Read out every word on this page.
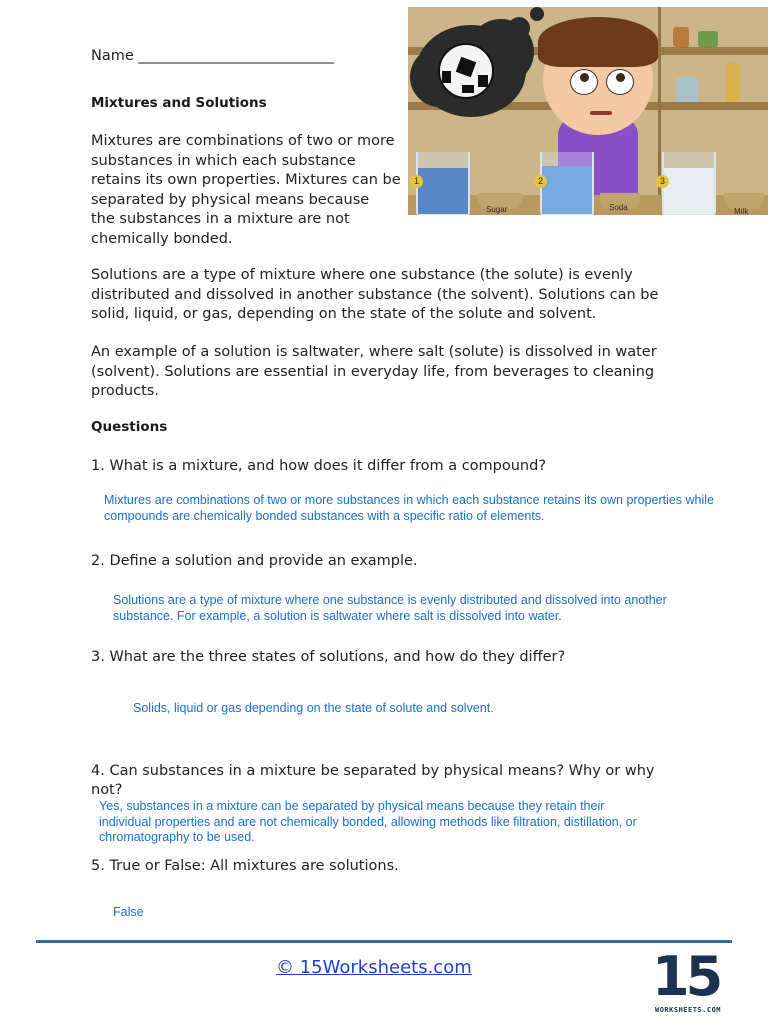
Name ___________________________
Mixtures and Solutions
Mixtures are combinations of two or more
substances in which each substance
retains its own properties. Mixtures can be
separated by physical means because
the substances in a mixture are not
chemically bonded.
1	2	3
Sugar	Soda	Milk
Solutions are a type of mixture where one substance (the solute) is evenly
distributed and dissolved in another substance (the solvent). Solutions can be
solid, liquid, or gas, depending on the state of the solute and solvent.
An example of a solution is saltwater, where salt (solute) is dissolved in water
(solvent). Solutions are essential in everyday life, from beverages to cleaning
products.
Questions
1. What is a mixture, and how does it differ from a compound?
Mixtures are combinations of two or more substances in which each substance retains its own properties while
compounds are chemically bonded substances with a specific ratio of elements.
2. Define a solution and provide an example.
Solutions are a type of mixture where one substance is evenly distributed and dissolved into another
substance. For example, a solution is saltwater where salt is dissolved into water.
3. What are the three states of solutions, and how do they differ?
Solids, liquid or gas depending on the state of solute and solvent.
4. Can substances in a mixture be separated by physical means? Why or why
not?
Yes, substances in a mixture can be separated by physical means because they retain their
individual properties and are not chemically bonded, allowing methods like filtration, distillation, or
chromatography to be used.
5. True or False: All mixtures are solutions.
False
© 15Worksheets.com	15
WORKSHEETS.COM
